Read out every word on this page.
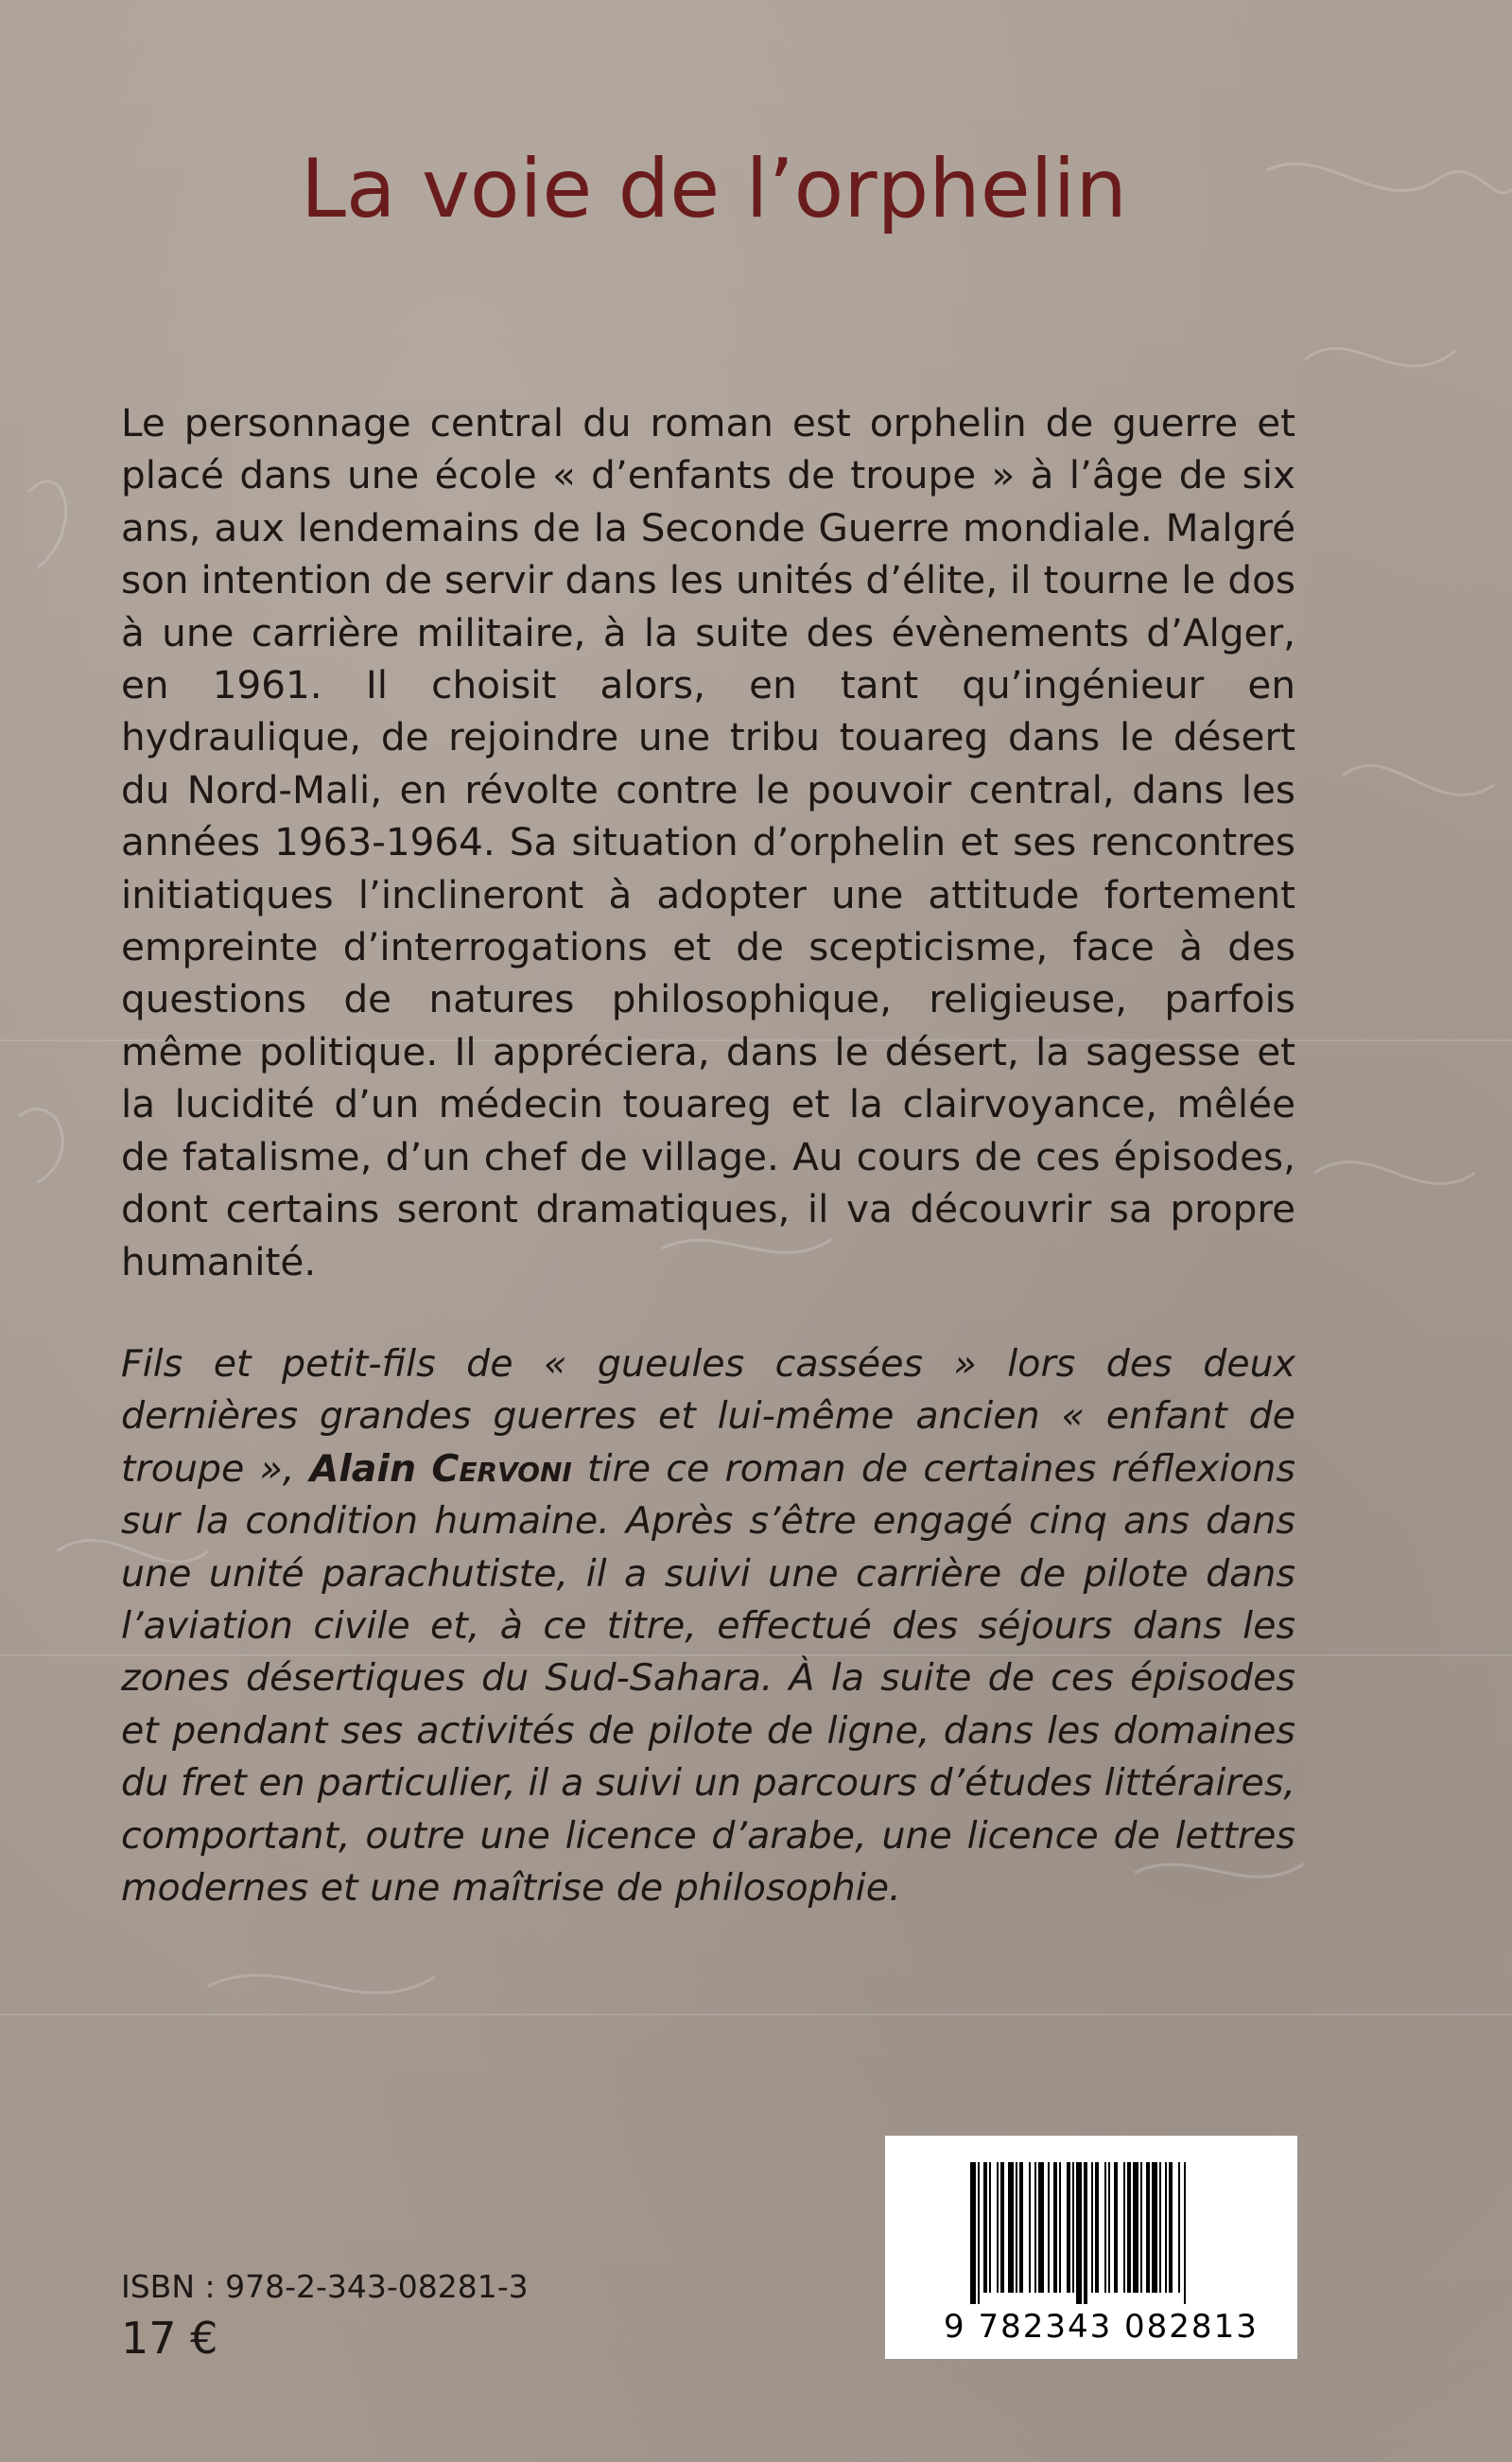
La voie de l’orphelin

Le personnage central du roman est orphelin de guerre et placé dans une école « d’enfants de troupe » à l’âge de six ans, aux lendemains de la Seconde Guerre mondiale. Malgré son intention de servir dans les unités d’élite, il tourne le dos à une carrière militaire, à la suite des évènements d’Alger, en 1961. Il choisit alors, en tant qu’ingénieur en hydraulique, de rejoindre une tribu touareg dans le désert du Nord-Mali, en révolte contre le pouvoir central, dans les années 1963-1964. Sa situation d’orphelin et ses rencontres initiatiques l’inclineront à adopter une attitude fortement empreinte d’interrogations et de scepticisme, face à des questions de natures philosophique, religieuse, parfois même politique. Il appréciera, dans le désert, la sagesse et la lucidité d’un médecin touareg et la clairvoyance, mêlée de fatalisme, d’un chef de village. Au cours de ces épisodes, dont certains seront dramatiques, il va découvrir sa propre humanité.

Fils et petit-fils de « gueules cassées » lors des deux dernières grandes guerres et lui-même ancien « enfant de troupe », Alain Cervoni tire ce roman de certaines réflexions sur la condition humaine. Après s’être engagé cinq ans dans une unité parachutiste, il a suivi une carrière de pilote dans l’aviation civile et, à ce titre, effectué des séjours dans les zones désertiques du Sud-Sahara. À la suite de ces épisodes et pendant ses activités de pilote de ligne, dans les domaines du fret en particulier, il a suivi un parcours d’études littéraires, comportant, outre une licence d’arabe, une licence de lettres modernes et une maîtrise de philosophie.

ISBN : 978-2-343-08281-3
17 €	9 782343 082813
